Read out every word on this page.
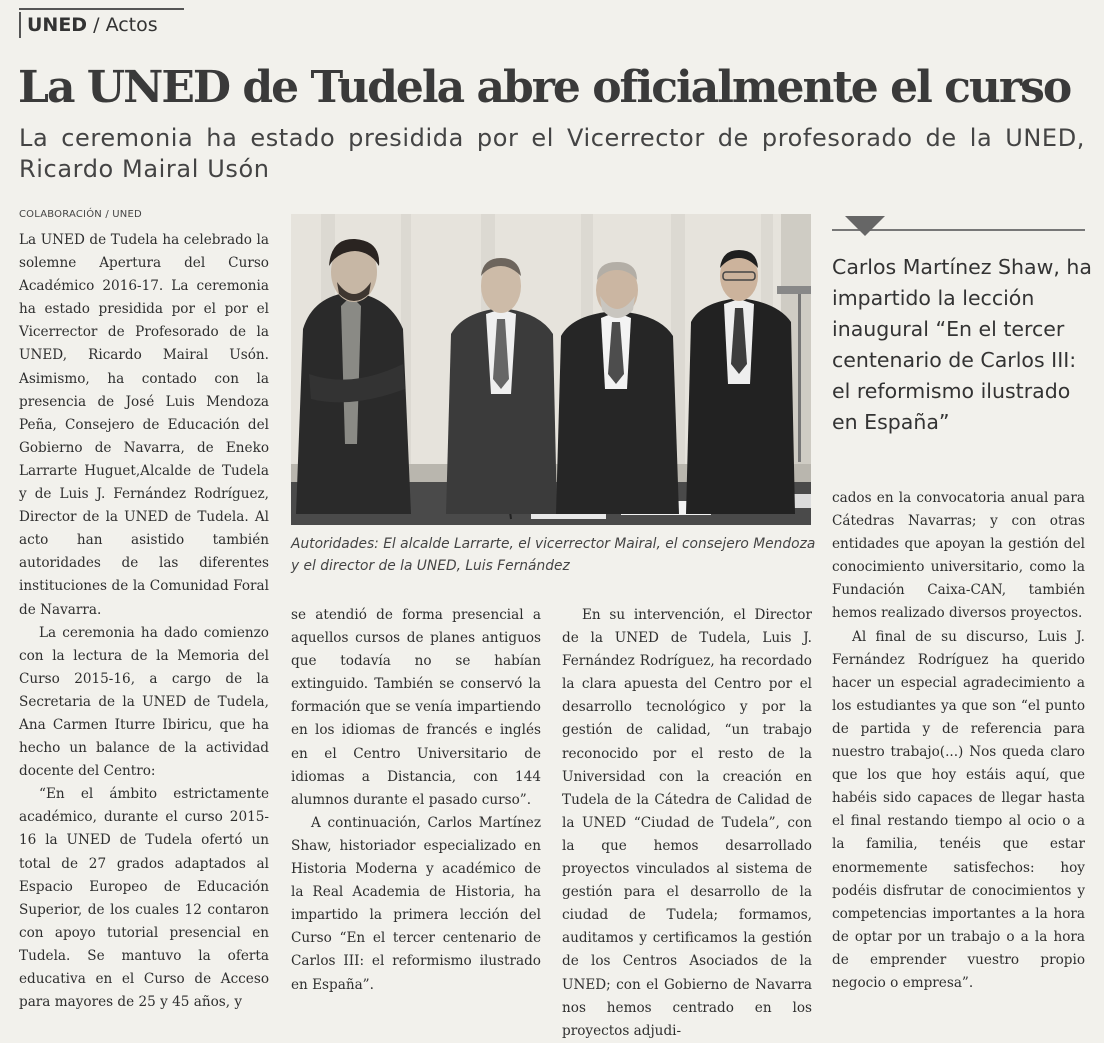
UNED / Actos
La UNED de Tudela abre oficialmente el curso

La ceremonia ha estado presidida por el Vicerrector de profesorado de la UNED, Ricardo Mairal Usón

COLABORACIÓN / UNED

La UNED de Tudela ha celebrado la solemne Apertura del Curso Académico 2016-17. La ceremonia ha estado presidida por el por el Vicerrector de Profesorado de la UNED, Ricardo Mairal Usón. Asimismo, ha contado con la presencia de José Luis Mendoza Peña, Consejero de Educación del Gobierno de Navarra, de Eneko Larrarte Huguet,Alcalde de Tudela y de Luis J. Fernández Rodríguez, Director de la UNED de Tudela. Al acto han asistido también autoridades de las diferentes instituciones de la Comunidad Foral de Navarra.

La ceremonia ha dado comienzo con la lectura de la Memoria del Curso 2015-16, a cargo de la Secretaria de la UNED de Tudela, Ana Carmen Iturre Ibiricu, que ha hecho un balance de la actividad docente del Centro:

“En el ámbito estrictamente académico, durante el curso 2015-16 la UNED de Tudela ofertó un total de 27 grados adaptados al Espacio Europeo de Educación Superior, de los cuales 12 contaron con apoyo tutorial presencial en Tudela. Se mantuvo la oferta educativa en el Curso de Acceso para mayores de 25 y 45 años, y

Autoridades: El alcalde Larrarte, el vicerrector Mairal, el consejero Mendoza y el director de la UNED, Luis Fernández
Carlos Martínez Shaw, ha impartido la lección inaugural “En el tercer centenario de Carlos III: el reformismo ilustrado en España”

se atendió de forma presencial a aquellos cursos de planes antiguos que todavía no se habían extinguido. También se conservó la formación que se venía impartiendo en los idiomas de francés e inglés en el Centro Universitario de idiomas a Distancia, con 144 alumnos durante el pasado curso”.

A continuación, Carlos Martínez Shaw, historiador especializado en Historia Moderna y académico de la Real Academia de Historia, ha impartido la primera lección del Curso “En el tercer centenario de Carlos III: el reformismo ilustrado en España”.

En su intervención, el Director de la UNED de Tudela, Luis J. Fernández Rodríguez, ha recordado la clara apuesta del Centro por el desarrollo tecnológico y por la gestión de calidad, “un trabajo reconocido por el resto de la Universidad con la creación en Tudela de la Cátedra de Calidad de la UNED “Ciudad de Tudela”, con la que hemos desarrollado proyectos vinculados al sistema de gestión para el desarrollo de la ciudad de Tudela; formamos, auditamos y certificamos la gestión de los Centros Asociados de la UNED; con el Gobierno de Navarra nos hemos centrado en los proyectos adjudi-

cados en la convocatoria anual para Cátedras Navarras; y con otras entidades que apoyan la gestión del conocimiento universitario, como la Fundación Caixa-CAN, también hemos realizado diversos proyectos.

Al final de su discurso, Luis J. Fernández Rodríguez ha querido hacer un especial agradecimiento a los estudiantes ya que son “el punto de partida y de referencia para nuestro trabajo(...) Nos queda claro que los que hoy estáis aquí, que habéis sido capaces de llegar hasta el final restando tiempo al ocio o a la familia, tenéis que estar enormemente satisfechos: hoy podéis disfrutar de conocimientos y competencias importantes a la hora de optar por un trabajo o a la hora de emprender vuestro propio negocio o empresa”.
